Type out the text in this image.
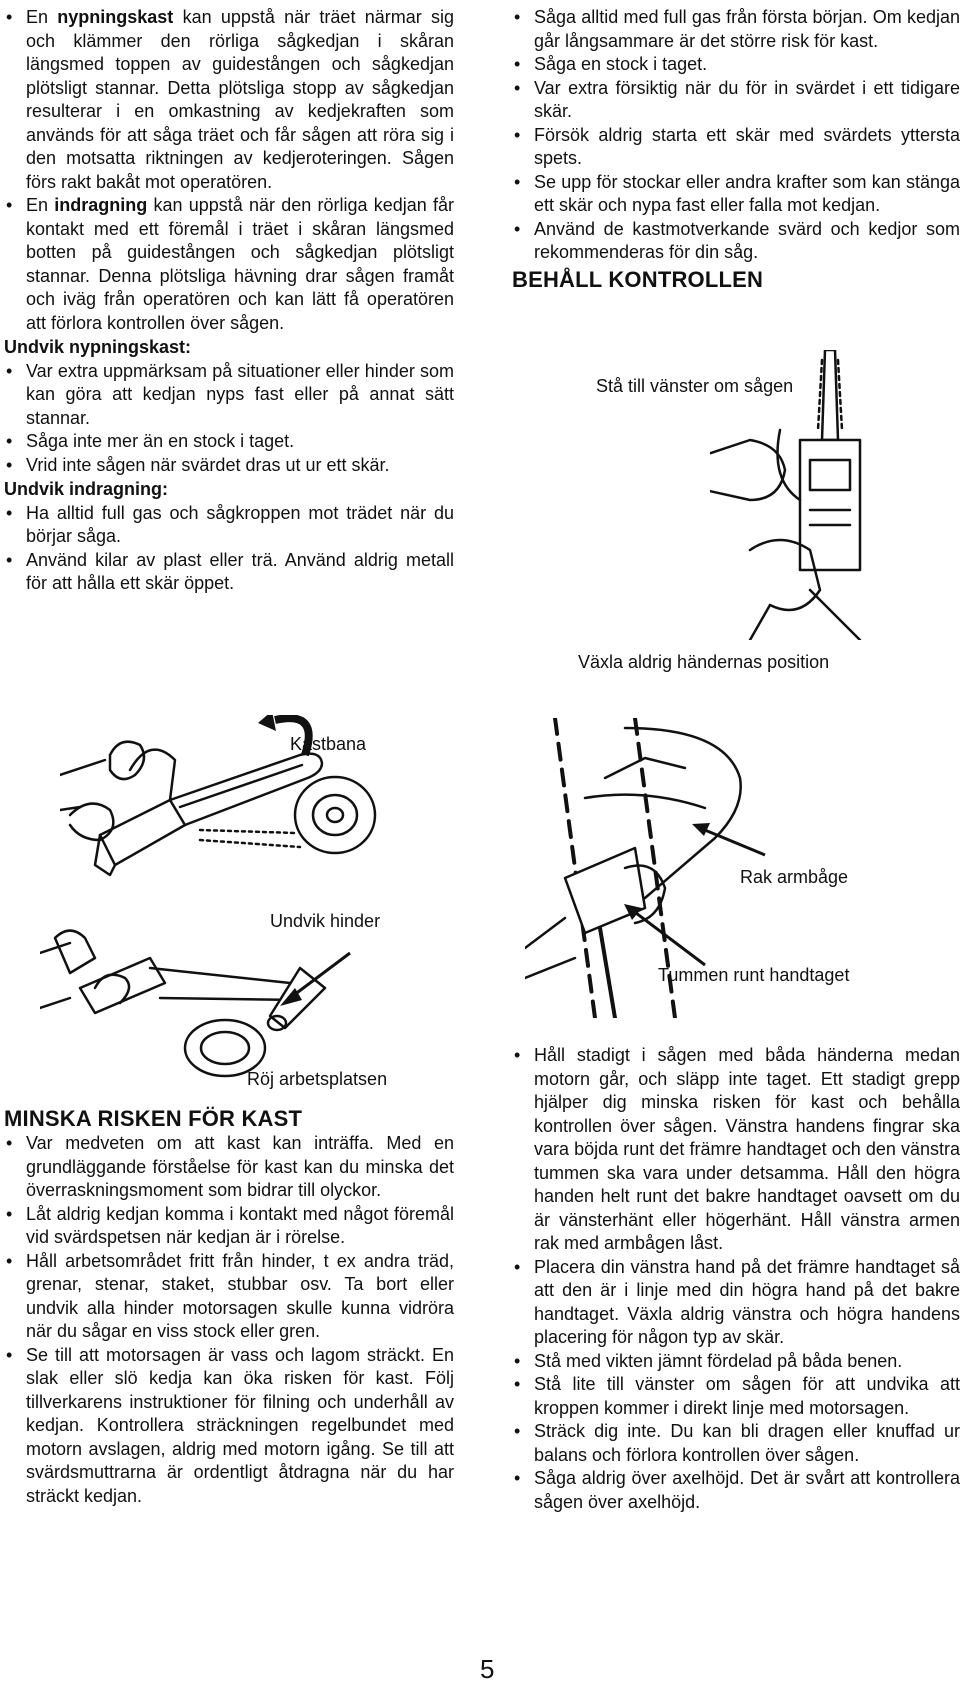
• En nypningskast kan uppstå när träet närmar sig och klämmer den rörliga sågkedjan i skåran längsmed toppen av guidestången och sågkedjan plötsligt stannar. Detta plötsliga stopp av sågkedjan resulterar i en omkastning av kedjekraften som används för att såga träet och får sågen att röra sig i den motsatta riktningen av kedjeroteringen. Sågen förs rakt bakåt mot operatören.
• En indragning kan uppstå när den rörliga kedjan får kontakt med ett föremål i träet i skåran längsmed botten på guidestången och sågkedjan plötsligt stannar. Denna plötsliga hävning drar sågen framåt och iväg från operatören och kan lätt få operatören att förlora kontrollen över sågen.
Undvik nypningskast:
• Var extra uppmärksam på situationer eller hinder som kan göra att kedjan nyps fast eller på annat sätt stannar.
• Såga inte mer än en stock i taget.
• Vrid inte sågen när svärdet dras ut ur ett skär.
Undvik indragning:
• Ha alltid full gas och sågkroppen mot trädet när du börjar såga.
• Använd kilar av plast eller trä. Använd aldrig metall för att hålla ett skär öppet.
Kastbana
Undvik hinder
Röj arbetsplatsen
MINSKA RISKEN FÖR KAST
• Var medveten om att kast kan inträffa. Med en grundläggande förståelse för kast kan du minska det överraskningsmoment som bidrar till olyckor.
• Låt aldrig kedjan komma i kontakt med något föremål vid svärdspetsen när kedjan är i rörelse.
• Håll arbetsområdet fritt från hinder, t ex andra träd, grenar, stenar, staket, stubbar osv. Ta bort eller undvik alla hinder motorsagen skulle kunna vidröra när du sågar en viss stock eller gren.
• Se till att motorsagen är vass och lagom sträckt. En slak eller slö kedja kan öka risken för kast. Följ tillverkarens instruktioner för filning och underhåll av kedjan. Kontrollera sträckningen regelbundet med motorn avslagen, aldrig med motorn igång. Se till att svärdsmuttrarna är ordentligt åtdragna när du har sträckt kedjan.
• Såga alltid med full gas från första början. Om kedjan går långsammare är det större risk för kast.
• Såga en stock i taget.
• Var extra försiktig när du för in svärdet i ett tidigare skär.
• Försök aldrig starta ett skär med svärdets yttersta spets.
• Se upp för stockar eller andra krafter som kan stänga ett skär och nypa fast eller falla mot kedjan.
• Använd de kastmotverkande svärd och kedjor som rekommenderas för din såg.
BEHÅLL KONTROLLEN
Stå till vänster om sågen
Växla aldrig händernas position
Rak armbåge
Tummen runt handtaget
• Håll stadigt i sågen med båda händerna medan motorn går, och släpp inte taget. Ett stadigt grepp hjälper dig minska risken för kast och behålla kontrollen över sågen. Vänstra handens fingrar ska vara böjda runt det främre handtaget och den vänstra tummen ska vara under detsamma. Håll den högra handen helt runt det bakre handtaget oavsett om du är vänsterhänt eller högerhänt. Håll vänstra armen rak med armbågen låst.
• Placera din vänstra hand på det främre handtaget så att den är i linje med din högra hand på det bakre handtaget. Växla aldrig vänstra och högra handens placering för någon typ av skär.
• Stå med vikten jämnt fördelad på båda benen.
• Stå lite till vänster om sågen för att undvika att kroppen kommer i direkt linje med motorsagen.
• Sträck dig inte. Du kan bli dragen eller knuffad ur balans och förlora kontrollen över sågen.
• Såga aldrig över axelhöjd. Det är svårt att kontrollera sågen över axelhöjd.
5
